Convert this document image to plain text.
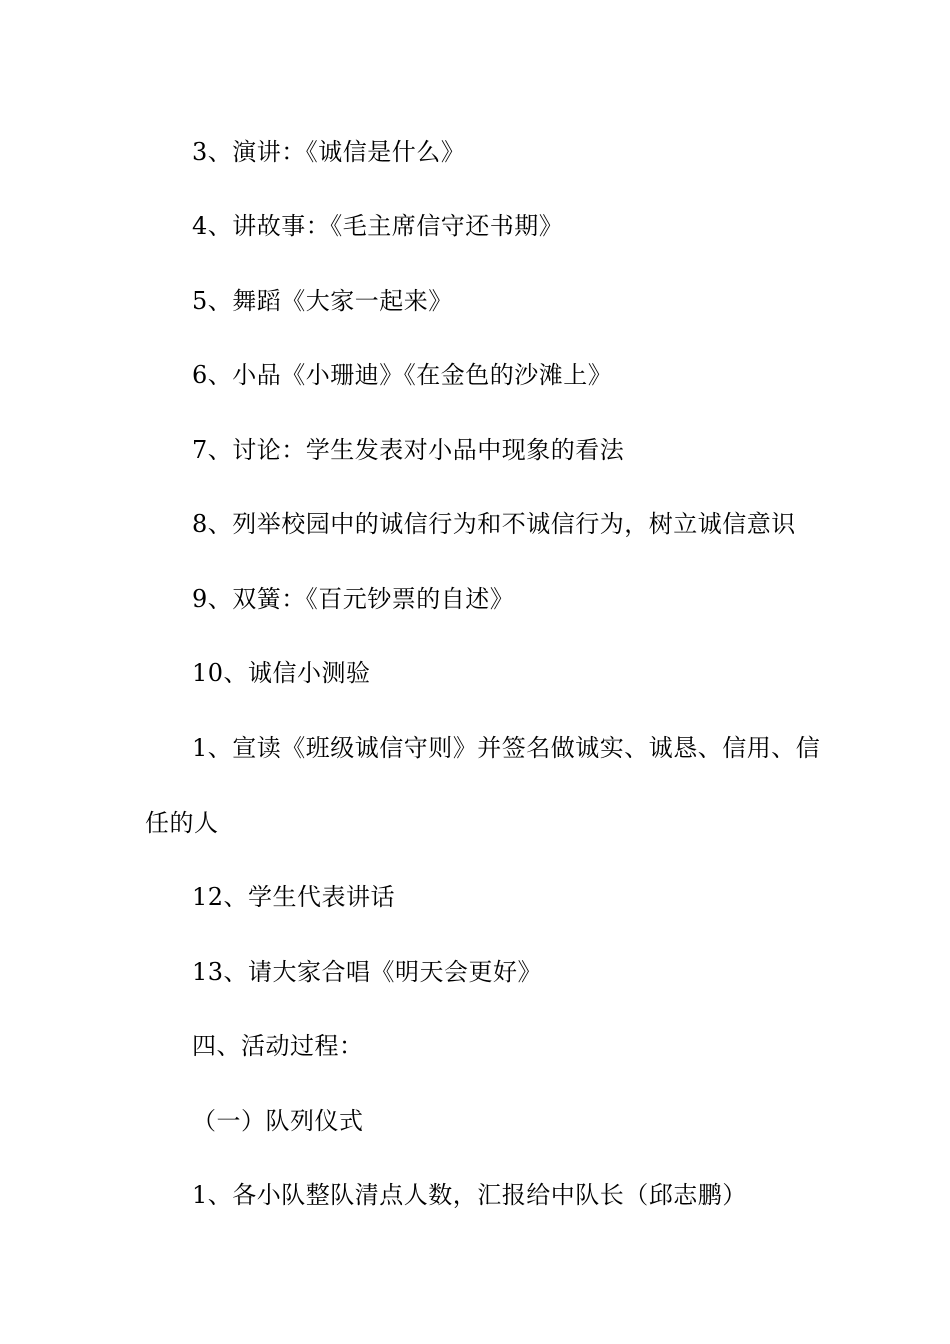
3、演讲：《诚信是什么》
4、讲故事：《毛主席信守还书期》
5、舞蹈《大家一起来》
6、小品《小珊迪》《在金色的沙滩上》
7、讨论：学生发表对小品中现象的看法
8、列举校园中的诚信行为和不诚信行为，树立诚信意识
9、双簧：《百元钞票的自述》
10、诚信小测验
1、宣读《班级诚信守则》并签名做诚实、诚恳、信用、信
任的人
12、学生代表讲话
13、请大家合唱《明天会更好》
四、活动过程：
（一）队列仪式
1、各小队整队清点人数，汇报给中队长（邱志鹏）
